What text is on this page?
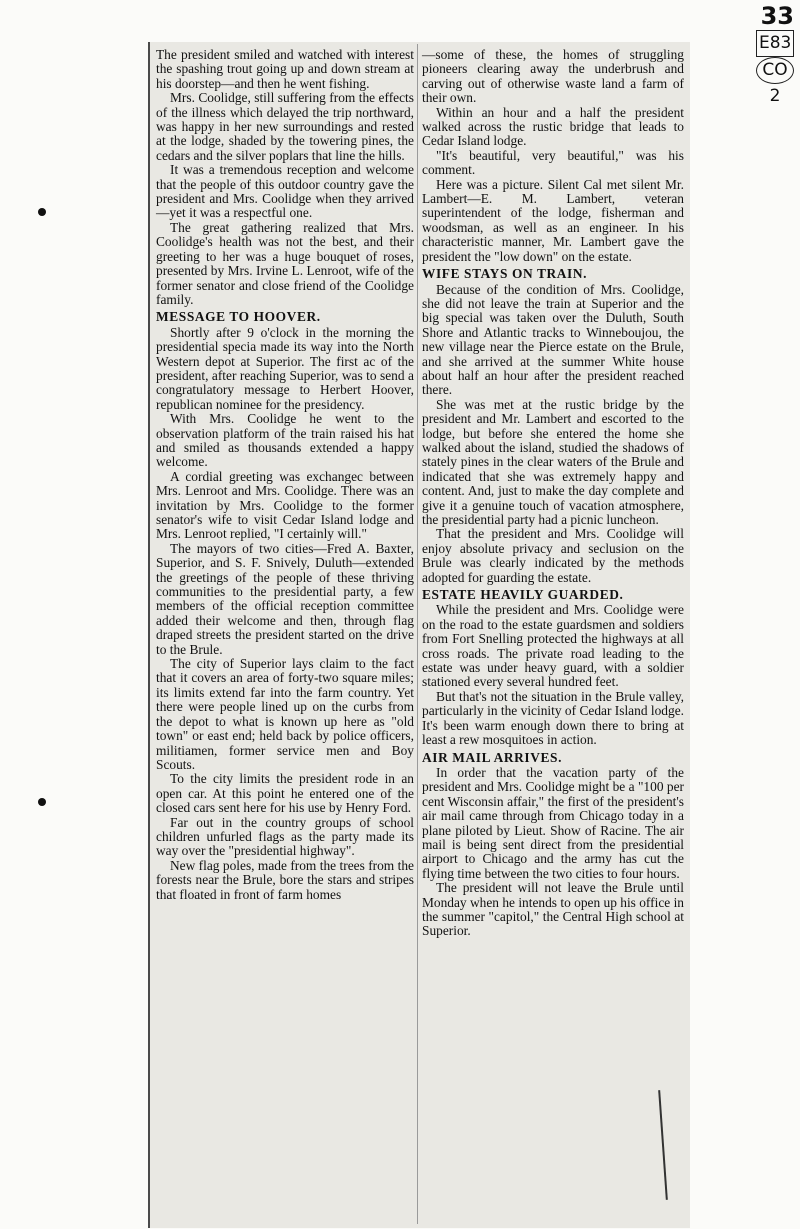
33
E83
CO
2

The president smiled and watched with interest the spashing trout going up and down stream at his doorstep—and then he went fishing.

Mrs. Coolidge, still suffering from the effects of the illness which delayed the trip northward, was happy in her new surroundings and rested at the lodge, shaded by the towering pines, the cedars and the silver poplars that line the hills.

It was a tremendous reception and welcome that the people of this outdoor country gave the president and Mrs. Coolidge when they arrived —yet it was a respectful one.

The great gathering realized that Mrs. Coolidge's health was not the best, and their greeting to her was a huge bouquet of roses, presented by Mrs. Irvine L. Lenroot, wife of the former senator and close friend of the Coolidge family.

MESSAGE TO HOOVER.

Shortly after 9 o'clock in the morning the presidential specia made its way into the North Western depot at Superior. The first ac of the president, after reaching Superior, was to send a congratulatory message to Herbert Hoover, republican nominee for the presidency.

With Mrs. Coolidge he went to the observation platform of the train raised his hat and smiled as thousands extended a happy welcome.

A cordial greeting was exchangec between Mrs. Lenroot and Mrs. Coolidge. There was an invitation by Mrs. Coolidge to the former senator's wife to visit Cedar Island lodge and Mrs. Lenroot replied, "I certainly will."

The mayors of two cities—Fred A. Baxter, Superior, and S. F. Snively, Duluth—extended the greetings of the people of these thriving communities to the presidential party, a few members of the official reception committee added their welcome and then, through flag draped streets the president started on the drive to the Brule.

The city of Superior lays claim to the fact that it covers an area of forty-two square miles; its limits extend far into the farm country. Yet there were people lined up on the curbs from the depot to what is known up here as "old town" or east end; held back by police officers, militiamen, former service men and Boy Scouts.

To the city limits the president rode in an open car. At this point he entered one of the closed cars sent here for his use by Henry Ford.

Far out in the country groups of school children unfurled flags as the party made its way over the "presidential highway".

New flag poles, made from the trees from the forests near the Brule, bore the stars and stripes that floated in front of farm homes

—some of these, the homes of struggling pioneers clearing away the underbrush and carving out of otherwise waste land a farm of their own.

Within an hour and a half the president walked across the rustic bridge that leads to Cedar Island lodge.

"It's beautiful, very beautiful," was his comment.

Here was a picture. Silent Cal met silent Mr. Lambert—E. M. Lambert, veteran superintendent of the lodge, fisherman and woodsman, as well as an engineer. In his characteristic manner, Mr. Lambert gave the president the "low down" on the estate.

WIFE STAYS ON TRAIN.

Because of the condition of Mrs. Coolidge, she did not leave the train at Superior and the big special was taken over the Duluth, South Shore and Atlantic tracks to Winneboujou, the new village near the Pierce estate on the Brule, and she arrived at the summer White house about half an hour after the president reached there.

She was met at the rustic bridge by the president and Mr. Lambert and escorted to the lodge, but before she entered the home she walked about the island, studied the shadows of stately pines in the clear waters of the Brule and indicated that she was extremely happy and content. And, just to make the day complete and give it a genuine touch of vacation atmosphere, the presidential party had a picnic luncheon.

That the president and Mrs. Coolidge will enjoy absolute privacy and seclusion on the Brule was clearly indicated by the methods adopted for guarding the estate.

ESTATE HEAVILY GUARDED.

While the president and Mrs. Coolidge were on the road to the estate guardsmen and soldiers from Fort Snelling protected the highways at all cross roads. The private road leading to the estate was under heavy guard, with a soldier stationed every several hundred feet.

But that's not the situation in the Brule valley, particularly in the vicinity of Cedar Island lodge. It's been warm enough down there to bring at least a rew mosquitoes in action.

AIR MAIL ARRIVES.

In order that the vacation party of the president and Mrs. Coolidge might be a "100 per cent Wisconsin affair," the first of the president's air mail came through from Chicago today in a plane piloted by Lieut. Show of Racine. The air mail is being sent direct from the presidential airport to Chicago and the army has cut the flying time between the two cities to four hours.

The president will not leave the Brule until Monday when he intends to open up his office in the summer "capitol," the Central High school at Superior.
